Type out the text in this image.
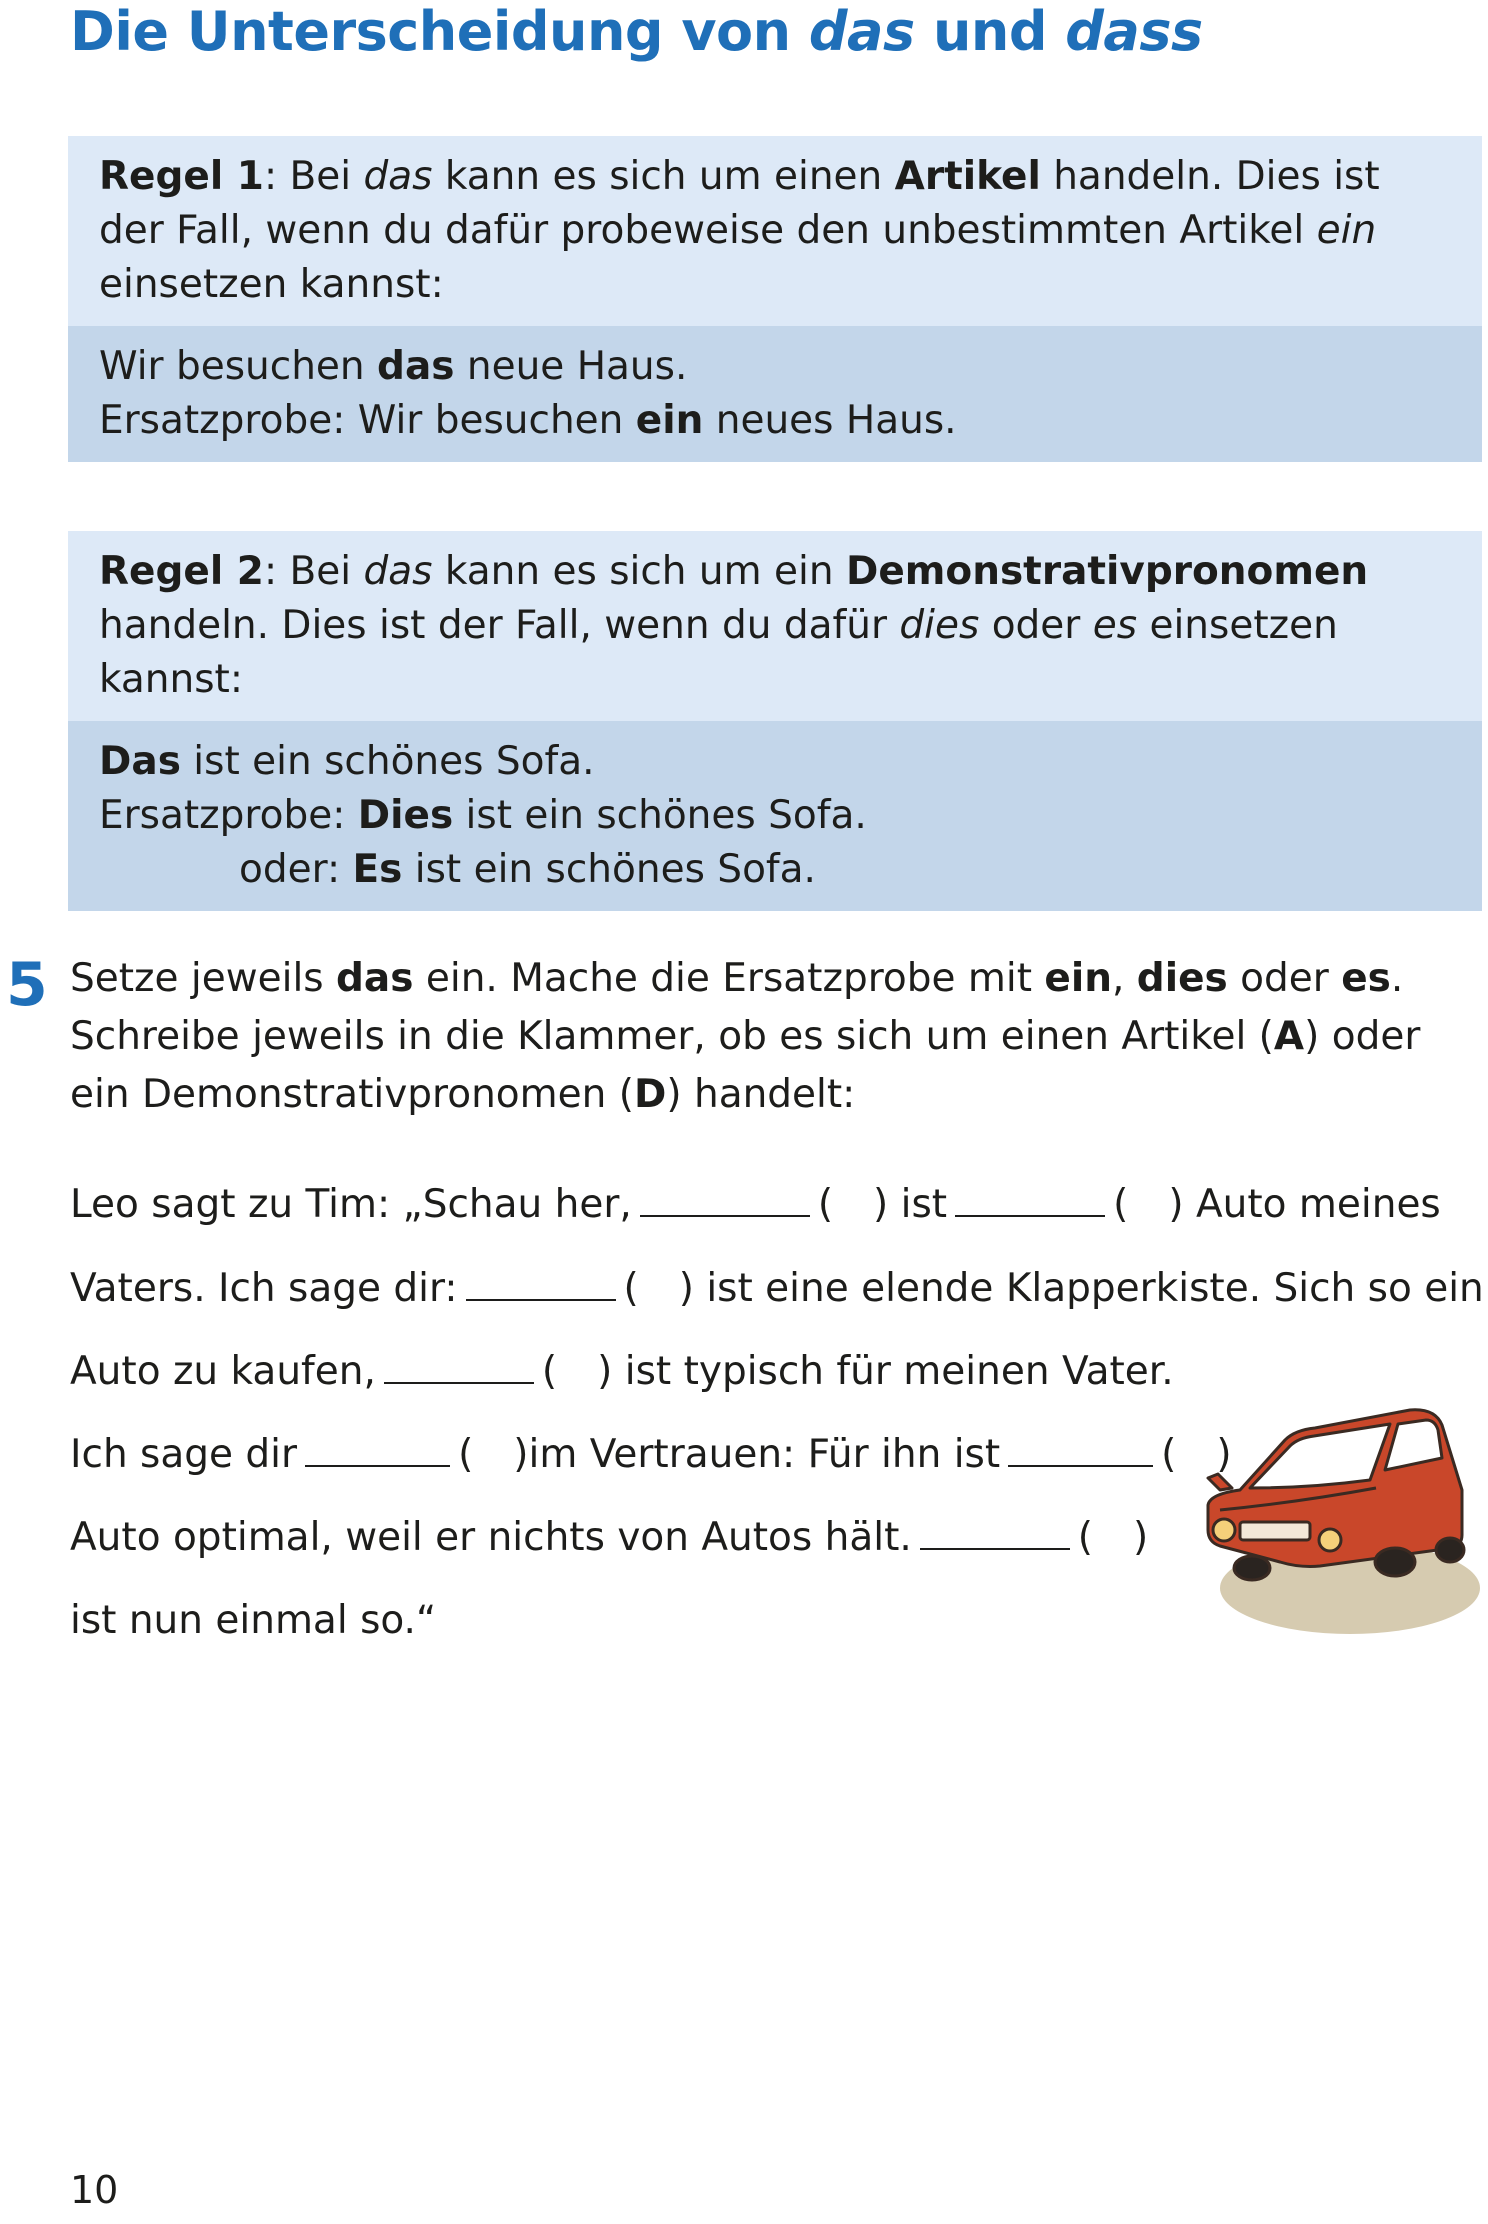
Die Unterscheidung von das und dass
Regel 1: Bei das kann es sich um einen Artikel handeln. Dies ist der Fall, wenn du dafür probeweise den unbestimmten Artikel ein einsetzen kannst:
Wir besuchen das neue Haus.
Ersatzprobe: Wir besuchen ein neues Haus.
Regel 2: Bei das kann es sich um ein Demonstrativpronomen handeln. Dies ist der Fall, wenn du dafür dies oder es einsetzen kannst:
Das ist ein schönes Sofa.
Ersatzprobe: Dies ist ein schönes Sofa.
oder: Es ist ein schönes Sofa.
5 Setze jeweils das ein. Mache die Ersatzprobe mit ein, dies oder es. Schreibe jeweils in die Klammer, ob es sich um einen Artikel (A) oder ein Demonstrativpronomen (D) handelt:
Leo sagt zu Tim: „Schau her,	( ) ist	( ) Auto meines
Vaters. Ich sage dir:	( ) ist eine elende Klapperkiste. Sich so ein
Auto zu kaufen,	( ) ist typisch für meinen Vater.
Ich sage dir	( )im Vertrauen: Für ihn ist	( )
Auto optimal, weil er nichts von Autos hält.	( )
ist nun einmal so.“
10
